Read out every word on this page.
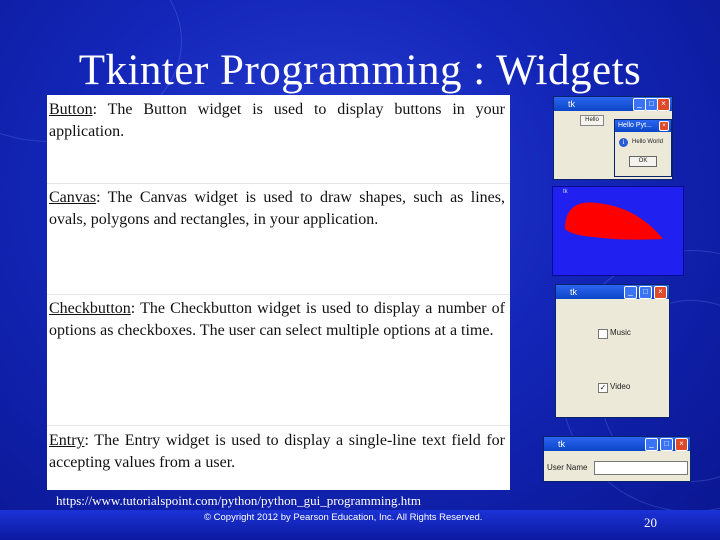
Tkinter Programming : Widgets
Button: The Button widget is used to display buttons in your application.
Canvas: The Canvas widget is used to draw shapes, such as lines, ovals, polygons and rectangles, in your application.
Checkbutton: The Checkbutton widget is used to display a number of options as checkboxes. The user can select multiple options at a time.
Entry: The Entry widget is used to display a single-line text field for accepting values from a user.
tk	_ □ ×
Hello
Hello Pyt...	×
i	Hello World
OK
tk
tk	_	□	×
Music
✓ Video
tk	_	□	×
User Name
https://www.tutorialspoint.com/python/python_gui_programming.htm
© Copyright 2012 by Pearson Education, Inc. All Rights Reserved.	20
